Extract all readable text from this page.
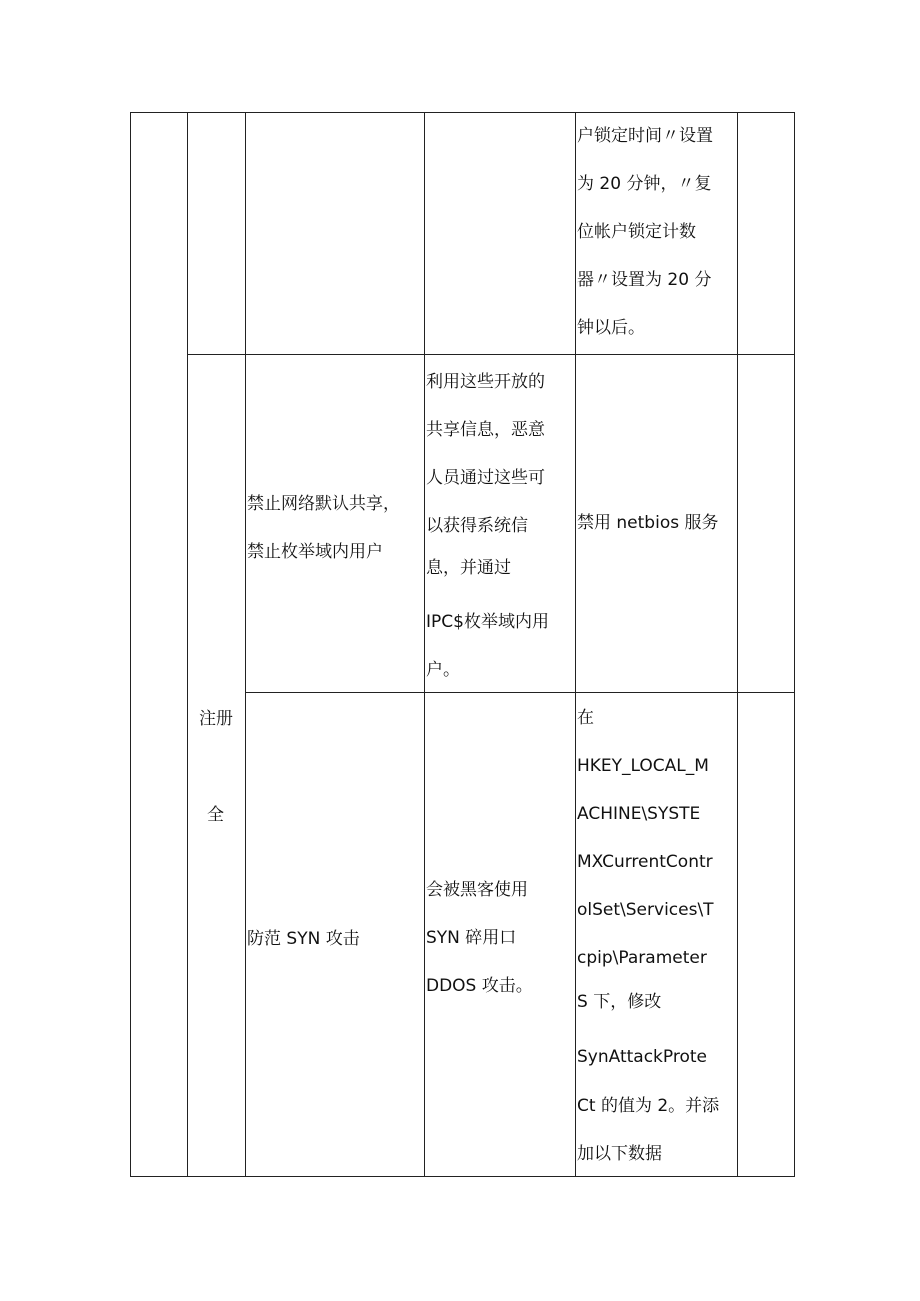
户锁定时间〃设置
为 20 分钟，〃复
位帐户锁定计数
器〃设置为 20 分
钟以后。
注册
全
禁止网络默认共享，
禁止枚举域内用户
利用这些开放的
共享信息，恶意
人员通过这些可
以获得系统信
息，并通过
IPC$枚举域内用
户。
禁用 netbios 服务
防范 SYN 攻击
会被黑客使用
SYN 碎用口
DDOS 攻击。
在
HKEY_LOCAL_M
ACHINE\SYSTE
MXCurrentContr
olSet\Services\T
cpip\Parameter
S 下，修改
SynAttackProte
Ct 的值为 2。并添
加以下数据
